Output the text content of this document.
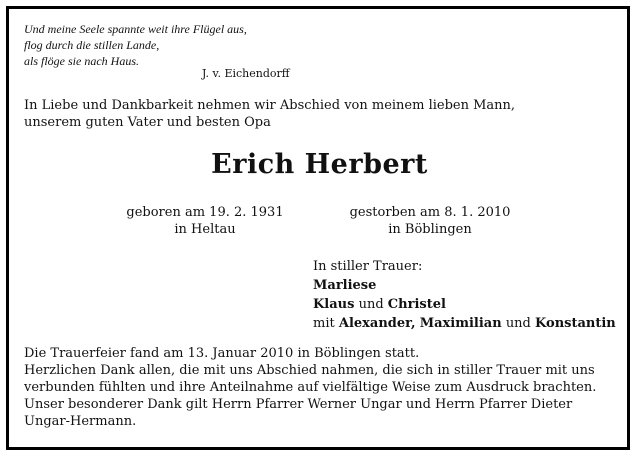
Und meine Seele spannte weit ihre Flügel aus,
flog durch die stillen Lande,
als flöge sie nach Haus.
J. v. Eichendorff
In Liebe und Dankbarkeit nehmen wir Abschied von meinem lieben Mann,
unserem guten Vater und besten Opa
Erich Herbert
geboren am 19. 2. 1931
in Heltau
gestorben am 8. 1. 2010
in Böblingen
In stiller Trauer:
Marliese
Klaus und Christel
mit Alexander, Maximilian und Konstantin
Die Trauerfeier fand am 13. Januar 2010 in Böblingen statt.
Herzlichen Dank allen, die mit uns Abschied nahmen, die sich in stiller Trauer mit uns
verbunden fühlten und ihre Anteilnahme auf vielfältige Weise zum Ausdruck brachten.
Unser besonderer Dank gilt Herrn Pfarrer Werner Ungar und Herrn Pfarrer Dieter
Ungar-Hermann.
